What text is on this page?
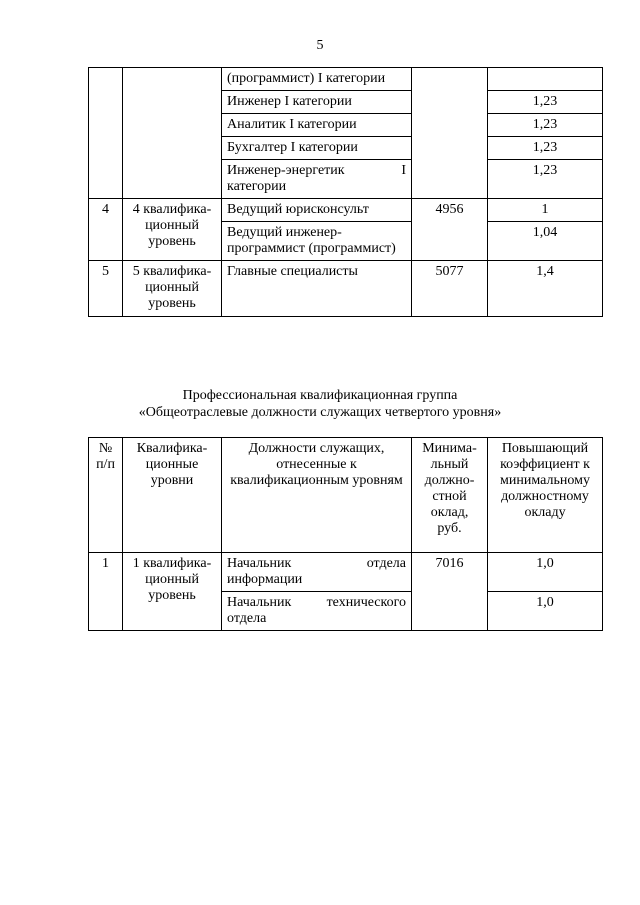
5
		(программист) I категории		
		Инженер I категории		1,23
		Аналитик I категории		1,23
		Бухгалтер I категории		1,23

		Инженер-энергетик I
категории		1,23
4	4 квалифика-ционный уровень	Ведущий юрисконсульт	4956	1
		Ведущий инженер-программист (программист)		1,04
5	5 квалифика-ционный уровень	Главные специалисты	5077	1,4
Профессиональная квалификационная группа
«Общеотраслевые должности служащих четвертого уровня»
№ п/п	Квалифика-ционные уровни	Должности служащих, отнесенные к квалификационным уровням	Минима-льный должно-стной оклад, руб.	Повышающий коэффициент к минимальному должностному окладу
1	1 квалифика-ционный уровень	Начальник отдела
информации	7016	1,0

		Начальник технического
отдела		1,0
